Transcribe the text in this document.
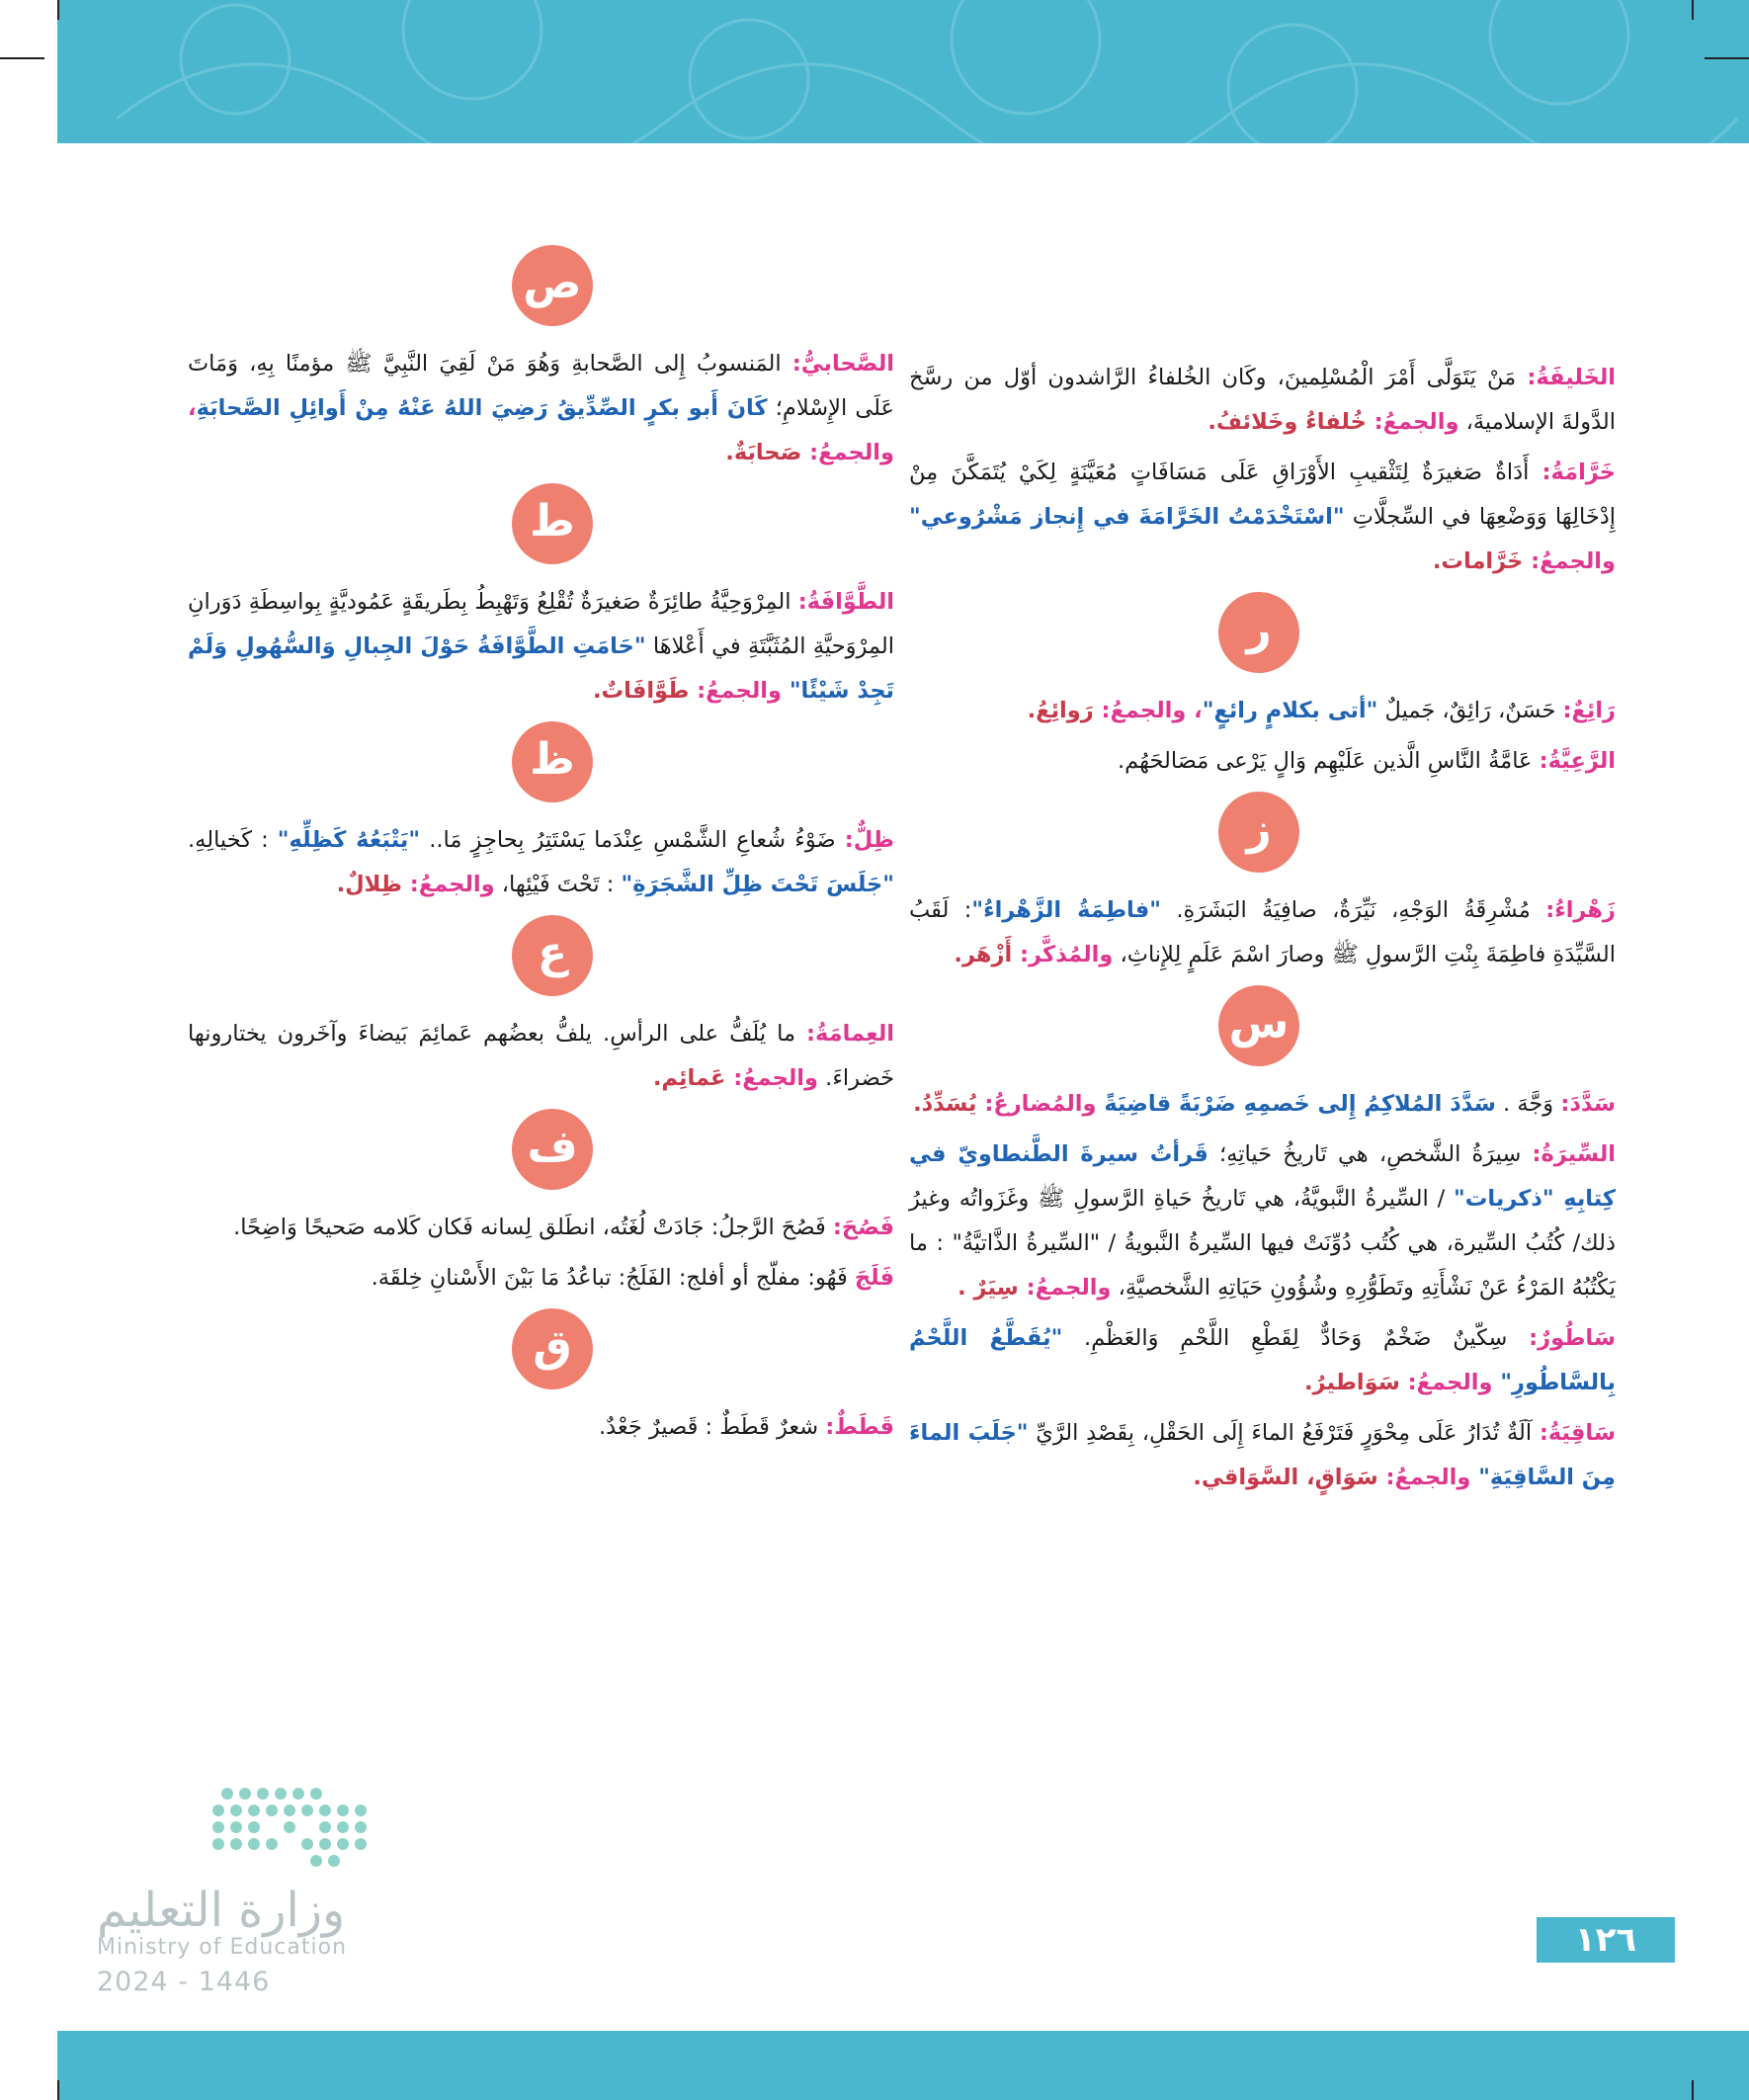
الخَليفَةُ: مَنْ يَتَوَلَّى أَمْرَ الْمُسْلِمينَ، وكَان الخُلفاءُ الرَّاشدون أوّل من رسَّخ الدَّولةَ الإسلاميةَ، والجمعُ: خُلفاءُ وخَلائفُ.

خَرَّامَةُ: أَدَاةٌ صَغيرَةٌ لِتَثْقيبِ الأَوْرَاقِ عَلَى مَسَافَاتٍ مُعَيَّنَةٍ لِكَيْ يُتَمَكَّنَ مِنْ إِدْخَالِهَا وَوَضْعِهَا في السِّجلَّاتِ "اسْتَخْدَمْتُ الخَرَّامَةَ في إِنجاز مَشْرُوعي" والجمعُ: خَرَّامات.

ر

رَائِعٌ: حَسَنٌ، رَائِقٌ، جَميلٌ "أتى بكلامٍ رائعٍ"، والجمعُ: رَوائِعُ.

الرَّعِيَّةُ: عَامَّةُ النَّاسِ الَّذين عَلَيْهِم وَالٍ يَرْعى مَصَالحَهُم.

ز

زَهْراءُ: مُشْرِقَةُ الوَجْهِ، نَيِّرَةٌ، صافِيَةُ البَشَرَةِ. "فاطِمَةُ الزَّهْراءُ": لَقَبُ السَّيِّدَةِ فاطِمَةَ بِنْتِ الرَّسولِ ﷺ وصارَ اسْمَ عَلَمٍ لِلإِناثِ، والمُذكَّر: أَزْهَر.

س

سَدَّدَ: وَجَّهَ . سَدَّدَ المُلاكِمُ إِلى خَصمِهِ ضَرْبَةً قاضِيَةً والمُضارعُ: يُسَدِّدُ.

السِّيرَةُ: سِيرَةُ الشَّخصِ، هي تَاريخُ حَياتِهِ؛ قَرأتُ سيرةَ الطَّنطاويّ في كِتابِهِ "ذكريات" / السِّيرةُ النَّبويَّةُ، هي تَاريخُ حَياةِ الرَّسولِ ﷺ وغَزَواتُه وغيرُ ذلك/ كُتُبُ السِّيرة، هي كُتُب دُوِّنَتْ فيها السِّيرةُ النَّبويةُ / "السِّيرةُ الذَّاتيَّةُ" : ما يَكْتُبُهُ المَرْءُ عَنْ نَشْأَتِهِ وتَطَوُّرِهِ وشُؤُونِ حَيَاتِهِ الشَّخصيَّةِ، والجمعُ: سِيَرٌ .

سَاطُورٌ: سِكّينٌ ضَخْمٌ وَحَادٌّ لِقَطْعِ اللَّحْمِ وَالعَظْمِ. "يُقَطَّعُ اللَّحْمُ بِالسَّاطُورِ" والجمعُ: سَوَاطيرُ.

سَاقِيَةُ: آلَةٌ تُدَارُ عَلَى مِحْوَرٍ فَتَرْفَعُ الماءَ إِلَى الحَقْلِ، بِقَصْدِ الرَّيِّ "جَلَبَ الماءَ مِنَ السَّاقِيَةِ" والجمعُ: سَوَاقٍ، السَّوَاقي.

ص

الصَّحابيُّ: المَنسوبُ إِلى الصَّحابةِ وَهُوَ مَنْ لَقِيَ النَّبِيَّ ﷺ مؤمنًا بِهِ، وَمَاتَ عَلَى الإِسْلامِ؛ كَانَ أَبو بكرٍ الصِّدِّيقُ رَضِيَ اللهُ عَنْهُ مِنْ أَوائِلِ الصَّحابَةِ، والجمعُ: صَحابَةٌ.

ط

الطَّوَّافَةُ: المِرْوَحِيَّةُ طائِرَةٌ صَغيرَةٌ تُقْلِعُ وَتَهْبِطُ بِطَريقَةٍ عَمُوديَّةٍ بِواسِطَةِ دَوَرانِ المِرْوَحيَّةِ المُثَبَّتَةِ في أَعْلاهَا "حَامَتِ الطَّوَّافَةُ حَوْلَ الجِبالِ وَالسُّهُولِ وَلَمْ تَجِدْ شَيْئًا" والجمعُ: طَوَّافَاتٌ.

ظ

ظِلٌّ: ضَوْءُ شُعاعِ الشَّمْسِ عِنْدَما يَسْتَتِرُ بِحاجِزٍ مَا.. "يَتْبَعُهُ كَظِلِّهِ" : كَخيالِهِ. "جَلَسَ تَحْتَ ظِلِّ الشَّجَرَةِ" : تَحْتَ فَيْئِها، والجمعُ: ظِلالٌ.

ع

العِمامَةُ: ما يُلَفُّ على الرأسِ. يلفُّ بعضُهم عَمائِمَ بَيضاءَ وآخَرون يختارونها خَضراءَ. والجمعُ: عَمائِم.

ف

فَصُحَ: فَصُحَ الرَّجلُ: جَادَتْ لُغَتُه، انطَلق لِسانه فَكان كَلامه صَحيحًا وَاضِحًا.

فَلَجَ فَهُو: مفلّج أو أفلج: الفَلَجُ: تباعُدُ مَا بَيْنَ الأَسْنانِ خِلقَة.

ق

قَطَطٌ: شعرٌ قَطَطٌ : قَصيرٌ جَعْدٌ.

وزارة التعليم
Ministry of Education
2024 - 1446
١٢٦
